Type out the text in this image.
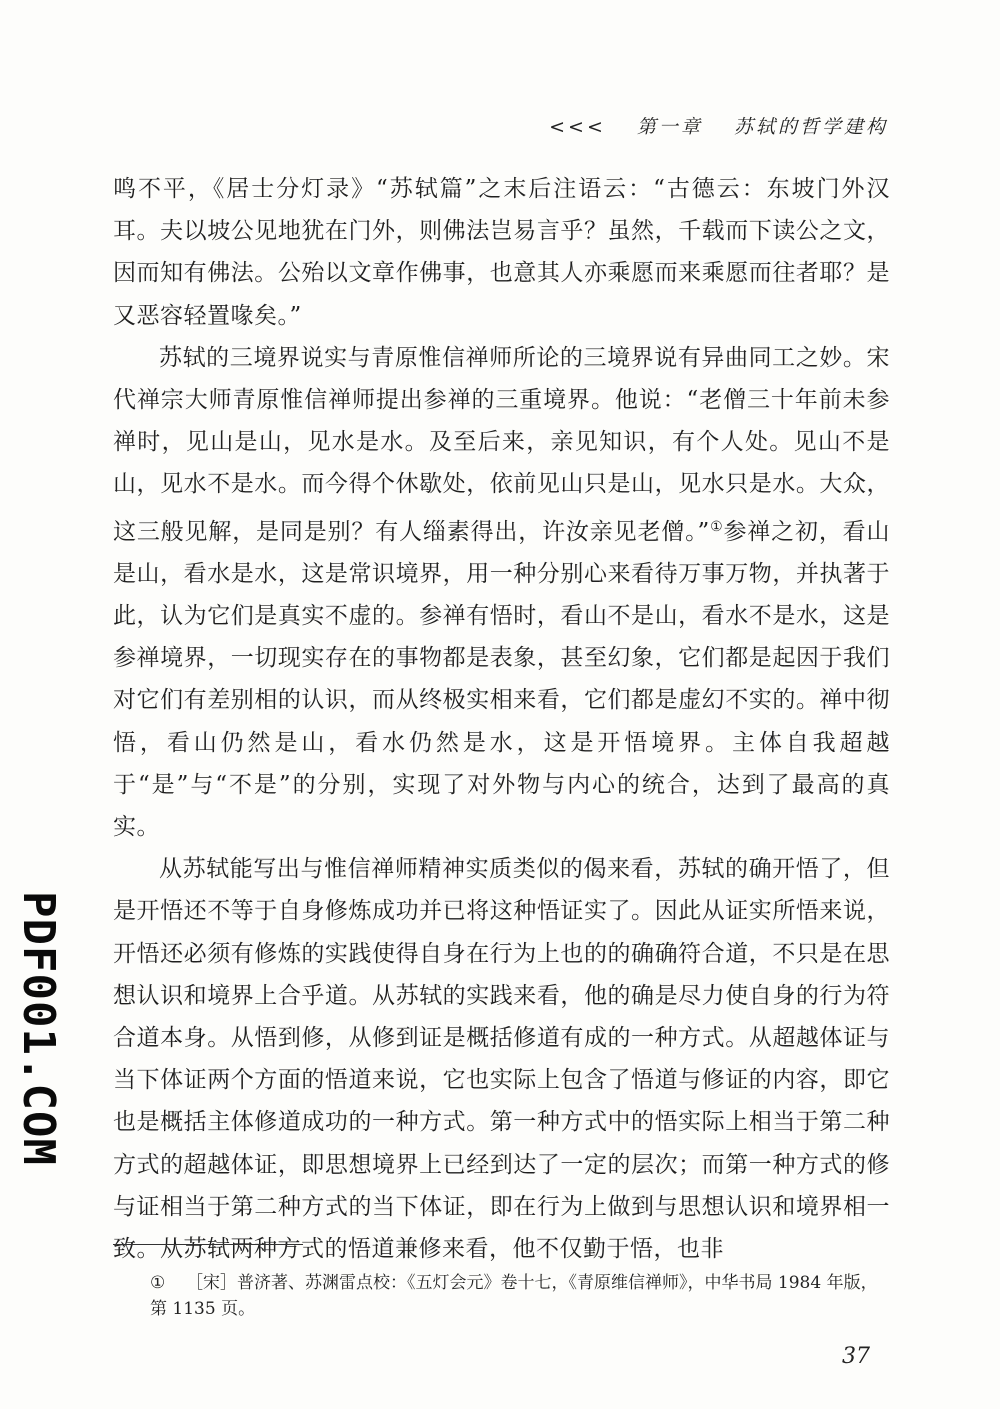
<<< 第一章 苏轼的哲学建构

鸣不平，《居士分灯录》“苏轼篇”之末后注语云：“古德云：东坡门外汉耳。夫以坡公见地犹在门外，则佛法岂易言乎？虽然，千载而下读公之文，因而知有佛法。公殆以文章作佛事，也意其人亦乘愿而来乘愿而往者耶？是又恶容轻置喙矣。”

苏轼的三境界说实与青原惟信禅师所论的三境界说有异曲同工之妙。宋代禅宗大师青原惟信禅师提出参禅的三重境界。他说：“老僧三十年前未参禅时，见山是山，见水是水。及至后来，亲见知识，有个人处。见山不是山，见水不是水。而今得个休歇处，依前见山只是山，见水只是水。大众，这三般见解，是同是别？有人缁素得出，许汝亲见老僧。”①参禅之初，看山是山，看水是水，这是常识境界，用一种分别心来看待万事万物，并执著于此，认为它们是真实不虚的。参禅有悟时，看山不是山，看水不是水，这是参禅境界，一切现实存在的事物都是表象，甚至幻象，它们都是起因于我们对它们有差别相的认识，而从终极实相来看，它们都是虚幻不实的。禅中彻悟，看山仍然是山，看水仍然是水，这是开悟境界。主体自我超越于“是”与“不是”的分别，实现了对外物与内心的统合，达到了最高的真实。

从苏轼能写出与惟信禅师精神实质类似的偈来看，苏轼的确开悟了，但是开悟还不等于自身修炼成功并已将这种悟证实了。因此从证实所悟来说，开悟还必须有修炼的实践使得自身在行为上也的的确确符合道，不只是在思想认识和境界上合乎道。从苏轼的实践来看，他的确是尽力使自身的行为符合道本身。从悟到修，从修到证是概括修道有成的一种方式。从超越体证与当下体证两个方面的悟道来说，它也实际上包含了悟道与修证的内容，即它也是概括主体修道成功的一种方式。第一种方式中的悟实际上相当于第二种方式的超越体证，即思想境界上已经到达了一定的层次；而第一种方式的修与证相当于第二种方式的当下体证，即在行为上做到与思想认识和境界相一致。从苏轼两种方式的悟道兼修来看，他不仅勤于悟，也非

PDF001.COM
① ［宋］普济著、苏渊雷点校：《五灯会元》卷十七，《青原维信禅师》，中华书局 1984 年版，第 1135 页。
37
